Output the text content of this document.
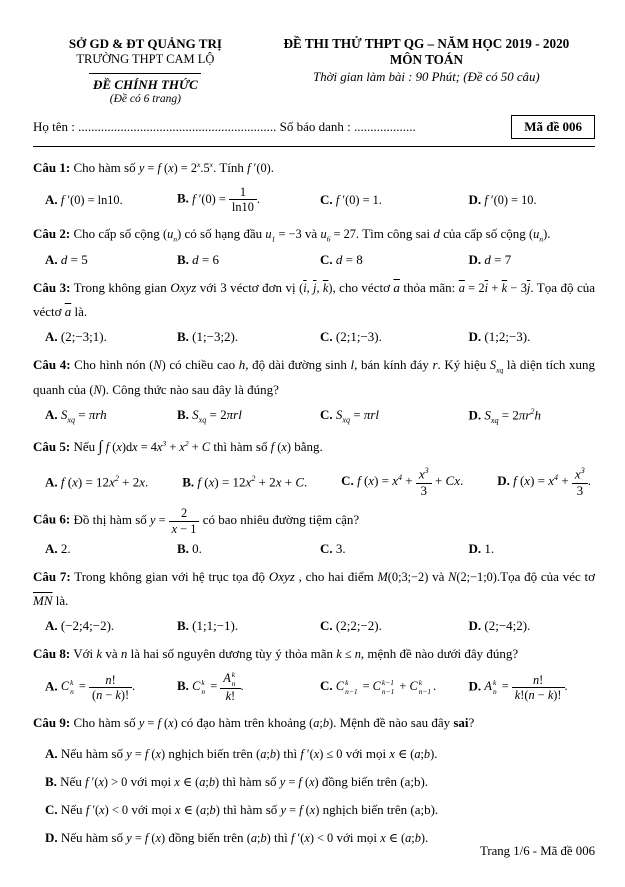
SỞ GD & ĐT QUẢNG TRỊ
TRƯỜNG THPT CAM LỘ
ĐỀ CHÍNH THỨC
(Đề có 6 trang)
ĐỀ THI THỬ THPT QG – NĂM HỌC 2019 - 2020
MÔN TOÁN
Thời gian làm bài : 90 Phút; (Đề có 50 câu)
Họ tên : .............................................................
Số báo danh : ...................	Mã đề 006
Câu 1: Cho hàm số y = f $(x) = 2^x.5^x$. Tính f ′(0).
A. f ′(0) = ln10.	B. f $'(0) = \frac{1}{\ln 10}$ .	C. f ′(0) = 1.	D. f ′(0) = 10.
Câu 2: Cho cấp số cộng $(u_n)$ có số hạng đầu $u_1 = -3$ và $u_6 = 27$. Tìm công sai d của cấp số cộng $(u_n)$.
A. d = 5	B. d = 6	C. d = 8	D. d = 7
Câu 3: Trong không gian Oxyz với 3 véctơ đơn vị ($\overline{i}$, $\overline{j}$, $\overline{k}$), cho véctơ $\overline{a}$ thỏa mãn: $\overline{a} = 2\overline{i} + \overline{k} - 3\overline{j}$. Tọa độ của véctơ $\overline{a}$ là.
A. (2;−3;1).	B. (1;−3;2).	C. (2;1;−3).	D. (1;2;−3).
Câu 4: Cho hình nón (N) có chiều cao h, độ dài đường sinh l, bán kính đáy r. Ký hiệu $S_{xq}$ là diện tích xung quanh của (N). Công thức nào sau đây là đúng?
A. $S_{xq} = \pi rh$	B. $S_{xq} = 2\pi rl$	C. $S_{xq} = \pi rl$	D. $S_{xq} = 2\pi r^2h$
Câu 5: Nếu ∫ f $(x)dx = 4x^3 + x^2 + C$ thì hàm số f (x) bằng.
A. f $(x) = 12x^2 + 2x$.	B. f $(x) = 12x^2 + 2x + C$.	C. f $(x) = x^4 + \frac{x^3}{3} + Cx$.	D. f $(x) = x^4 + \frac{x^3}{3}$ .
Câu 6: Đồ thị hàm số $y = \frac{2}{x - 1}$ có bao nhiêu đường tiệm cận?
A. 2.	B. 0.	C. 3.	D. 1.
Câu 7: Trong không gian với hệ trục tọa độ Oxyz , cho hai điểm M(0;3;−2) và N(2;−1;0).Tọa độ của véc tơ $\overline{MN}$ là.
A. (−2;4;−2).	B. (1;1;−1).	C. (2;2;−2).	D. (2;−4;2).
Câu 8: Với k và n là hai số nguyên dương tùy ý thỏa mãn k ≤ n, mệnh đề nào dưới đây đúng?
A. C k
$n = \frac{n!}{(n - k)!}$ .	B. C k
n = A k
n
k! .	C. C k
n−1 = C k−1
n−1 + C k
n−1 .	D. A k
$n = \frac{n!}{k!(n - k)!}$ .
Câu 9: Cho hàm số y = f (x) có đạo hàm trên khoảng (a;b). Mệnh đề nào sau đây sai?
A. Nếu hàm số y = f (x) nghịch biến trên (a;b) thì f ′(x) ≤ 0 với mọi x ∈ (a;b).
B. Nếu f ′(x) > 0 với mọi x ∈ (a;b) thì hàm số y = f (x) đồng biến trên (a;b).
C. Nếu f ′(x) < 0 với mọi x ∈ (a;b) thì hàm số y = f (x) nghịch biến trên (a;b).
D. Nếu hàm số y = f (x) đồng biến trên (a;b) thì f ′(x) < 0 với mọi x ∈ (a;b).
Trang 1/6 - Mã đề 006
